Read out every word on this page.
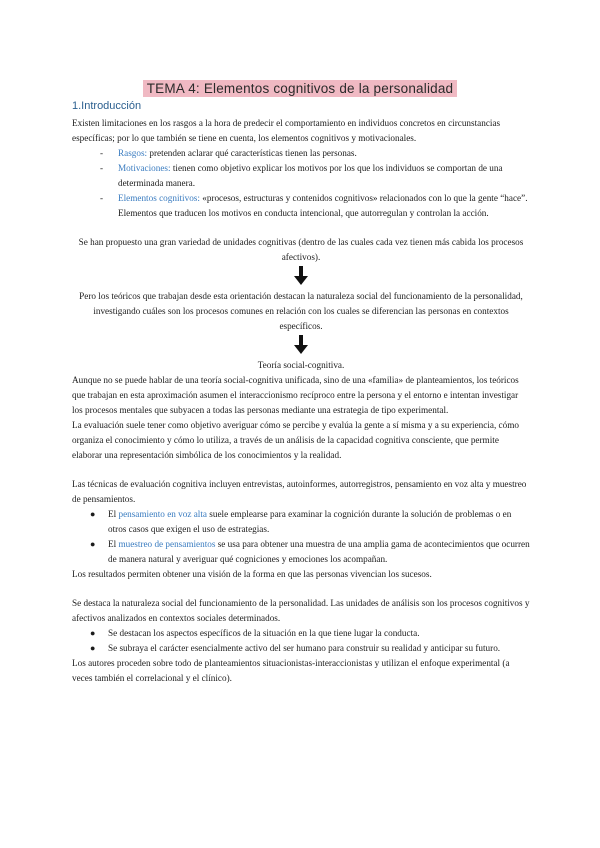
TEMA 4: Elementos cognitivos de la personalidad
1.Introducción

Existen limitaciones en los rasgos a la hora de predecir el comportamiento en individuos concretos en circunstancias específicas; por lo que también se tiene en cuenta, los elementos cognitivos y motivacionales.

- Rasgos: pretenden aclarar qué características tienen las personas.
- Motivaciones: tienen como objetivo explicar los motivos por los que los individuos se comportan de una determinada manera.
- Elementos cognitivos: «procesos, estructuras y contenidos cognitivos» relacionados con lo que la gente “hace”. Elementos que traducen los motivos en conducta intencional, que autorregulan y controlan la acción.

Se han propuesto una gran variedad de unidades cognitivas (dentro de las cuales cada vez tienen más cabida los procesos afectivos).

Pero los teóricos que trabajan desde esta orientación destacan la naturaleza social del funcionamiento de la personalidad, investigando cuáles son los procesos comunes en relación con los cuales se diferencian las personas en contextos específicos.

Teoría social-cognitiva.

Aunque no se puede hablar de una teoría social-cognitiva unificada, sino de una «familia» de planteamientos, los teóricos que trabajan en esta aproximación asumen el interaccionismo recíproco entre la persona y el entorno e intentan investigar los procesos mentales que subyacen a todas las personas mediante una estrategia de tipo experimental.

La evaluación suele tener como objetivo averiguar cómo se percibe y evalúa la gente a sí misma y a su experiencia, cómo organiza el conocimiento y cómo lo utiliza, a través de un análisis de la capacidad cognitiva consciente, que permite elaborar una representación simbólica de los conocimientos y la realidad.

Las técnicas de evaluación cognitiva incluyen entrevistas, autoinformes, autorregistros, pensamiento en voz alta y muestreo de pensamientos.

● El pensamiento en voz alta suele emplearse para examinar la cognición durante la solución de problemas o en otros casos que exigen el uso de estrategias.
● El muestreo de pensamientos se usa para obtener una muestra de una amplia gama de acontecimientos que ocurren de manera natural y averiguar qué cogniciones y emociones los acompañan.

Los resultados permiten obtener una visión de la forma en que las personas vivencian los sucesos.

Se destaca la naturaleza social del funcionamiento de la personalidad. Las unidades de análisis son los procesos cognitivos y afectivos analizados en contextos sociales determinados.

● Se destacan los aspectos específicos de la situación en la que tiene lugar la conducta.
● Se subraya el carácter esencialmente activo del ser humano para construir su realidad y anticipar su futuro.

Los autores proceden sobre todo de planteamientos situacionistas-interaccionistas y utilizan el enfoque experimental (a veces también el correlacional y el clínico).
